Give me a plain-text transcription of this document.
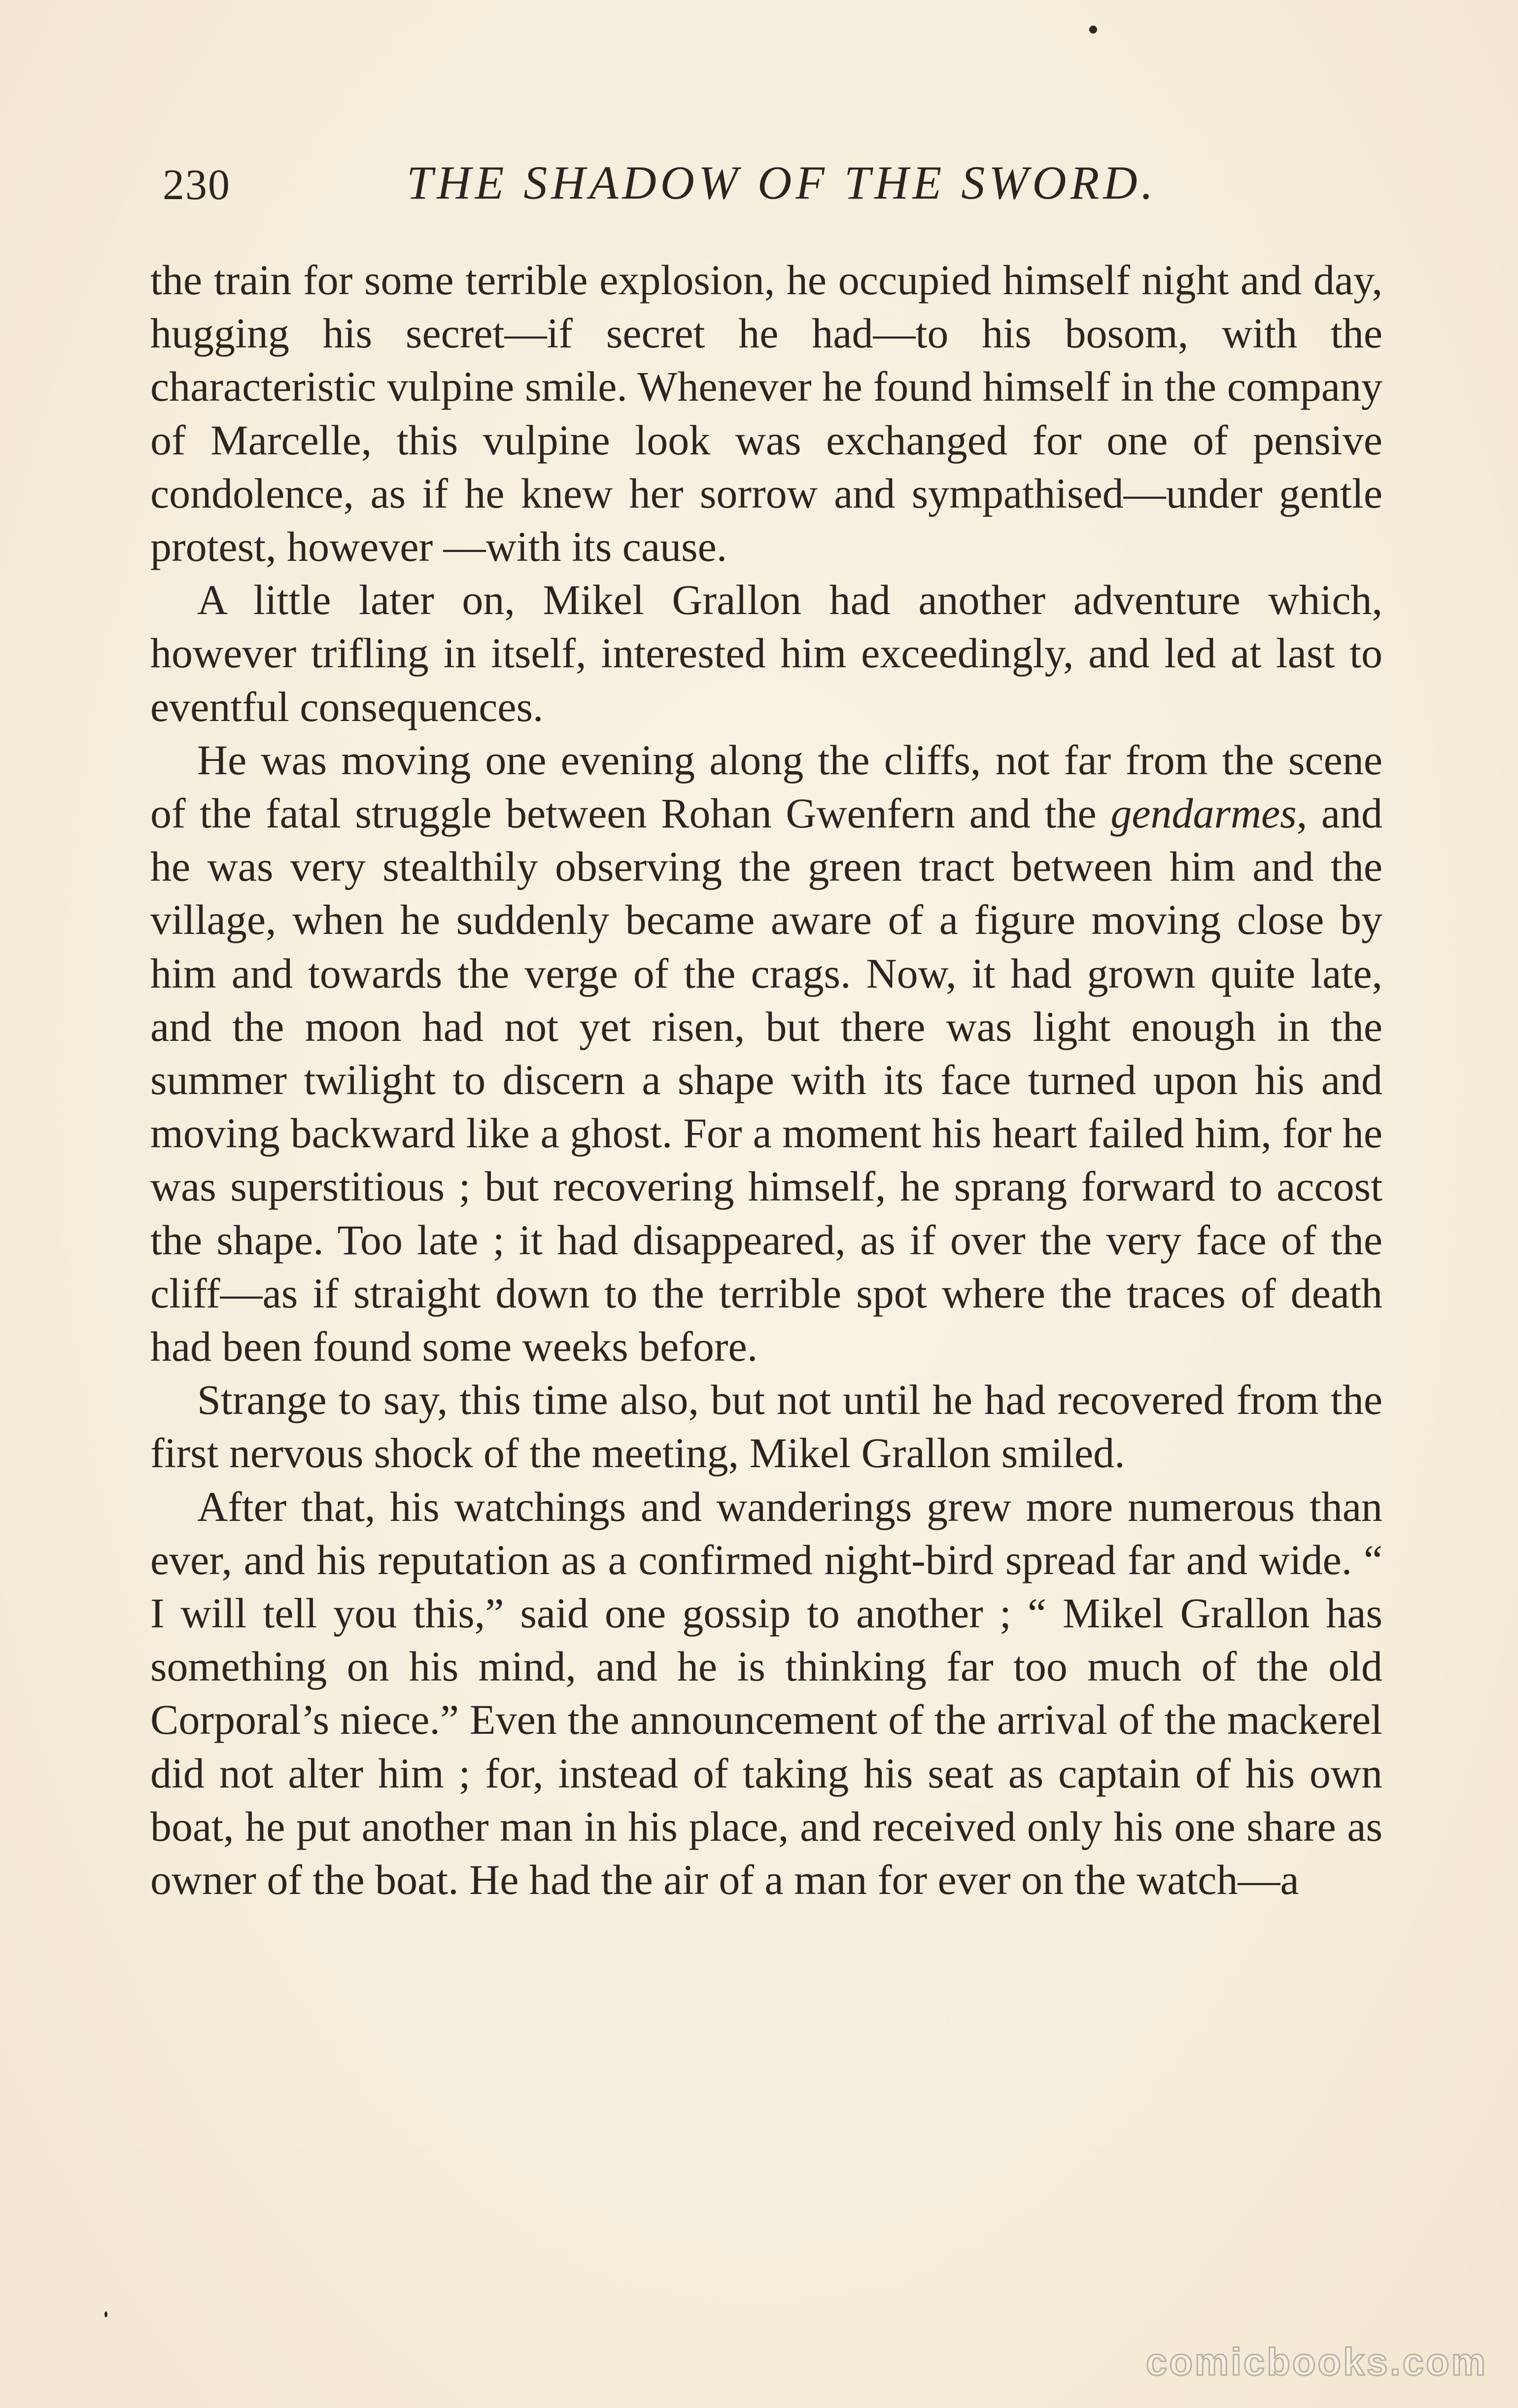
230	THE SHADOW OF THE SWORD.

the train for some terrible explosion, he occupied himself night and day, hugging his secret—if secret he had—to his bosom, with the characteristic vulpine smile. Whenever he found himself in the company of Marcelle, this vulpine look was exchanged for one of pensive condolence, as if he knew her sorrow and sympathised—under gentle protest, however —with its cause.

A little later on, Mikel Grallon had another adventure which, however trifling in itself, interested him exceedingly, and led at last to eventful consequences.

He was moving one evening along the cliffs, not far from the scene of the fatal struggle between Rohan Gwenfern and the gendarmes, and he was very stealthily observing the green tract between him and the village, when he suddenly became aware of a figure moving close by him and towards the verge of the crags. Now, it had grown quite late, and the moon had not yet risen, but there was light enough in the summer twilight to discern a shape with its face turned upon his and moving backward like a ghost. For a moment his heart failed him, for he was superstitious ; but recovering himself, he sprang forward to accost the shape. Too late ; it had disappeared, as if over the very face of the cliff—as if straight down to the terrible spot where the traces of death had been found some weeks before.

Strange to say, this time also, but not until he had recovered from the first nervous shock of the meeting, Mikel Grallon smiled.

After that, his watchings and wanderings grew more numerous than ever, and his reputation as a confirmed night-bird spread far and wide. “ I will tell you this,” said one gossip to another ; “ Mikel Grallon has something on his mind, and he is thinking far too much of the old Corporal’s niece.” Even the announcement of the arrival of the mackerel did not alter him ; for, instead of taking his seat as captain of his own boat, he put another man in his place, and received only his one share as owner of the boat. He had the air of a man for ever on the watch—a

comicbooks.com
